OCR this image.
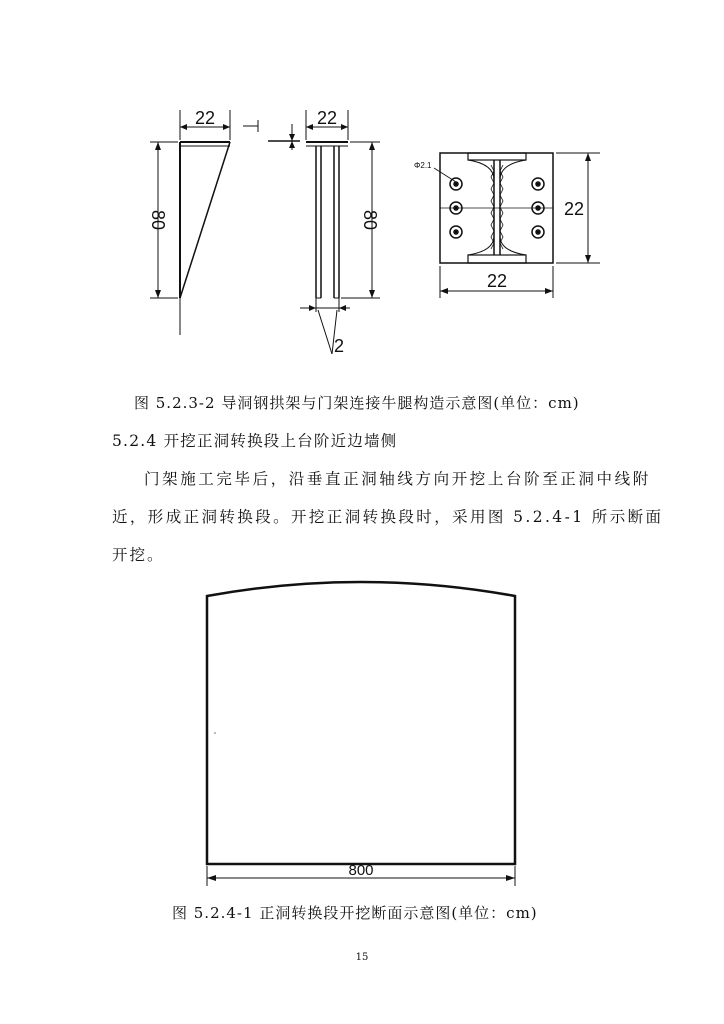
22
80
22
80
2
Φ2.1
22
22
图 5.2.3-2 导洞钢拱架与门架连接牛腿构造示意图(单位：cm)
5.2.4 开挖正洞转换段上台阶近边墙侧
门架施工完毕后，沿垂直正洞轴线方向开挖上台阶至正洞中线附
近，形成正洞转换段。开挖正洞转换段时，采用图 5.2.4-1 所示断面
开挖。
800
图 5.2.4-1 正洞转换段开挖断面示意图(单位：cm)
15
